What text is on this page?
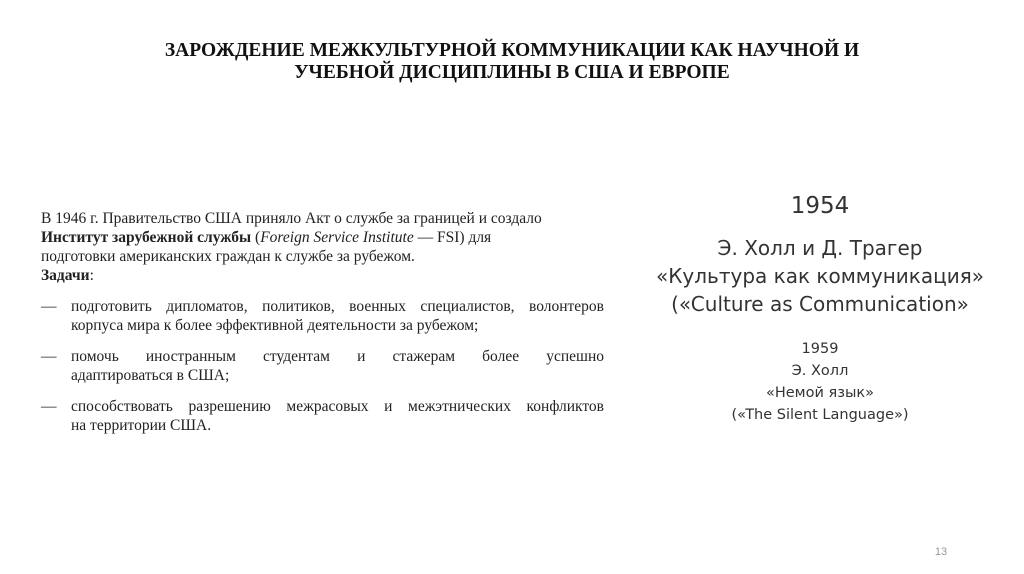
ЗАРОЖДЕНИЕ МЕЖКУЛЬТУРНОЙ КОММУНИКАЦИИ КАК НАУЧНОЙ И
УЧЕБНОЙ ДИСЦИПЛИНЫ В США И ЕВРОПЕ

В 1946 г. Правительство США приняло Акт о службе за границей и создало

Институт зарубежной службы (Foreign Service Institute — FSI) для

подготовки американских граждан к службе за рубежом.

Задачи:

— подготовить дипломатов, политиков, военных специалистов, волонтеров
корпуса мира к более эффективной деятельности за рубежом;
— помочь иностранным студентам и стажерам более успешно
адаптироваться в США;
— способствовать разрешению межрасовых и межэтнических конфликтов
на территории США.
1954
Э. Холл и Д. Трагер
«Культура как коммуникация»
(«Culture as Communication»
1959
Э. Холл
«Немой язык»
(«The Silent Language»)
13
